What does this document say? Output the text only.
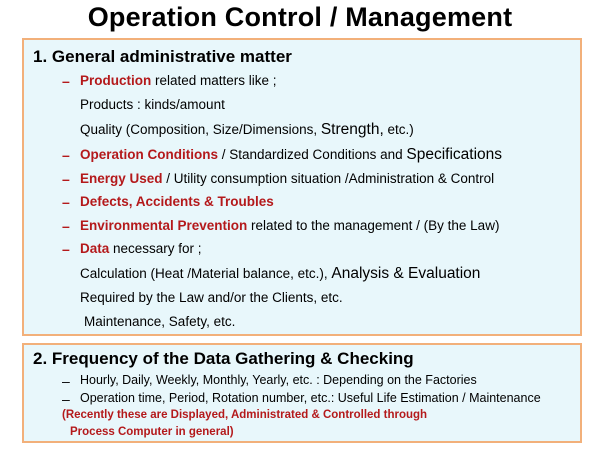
Operation Control / Management
1. General administrative matter
– Production related matters like ;
Products : kinds/amount
Quality (Composition, Size/Dimensions, Strength, etc.)
– Operation Conditions / Standardized Conditions and Specifications
– Energy Used / Utility consumption situation /Administration & Control
– Defects, Accidents & Troubles
– Environmental Prevention related to the management / (By the Law)
– Data necessary for ;
Calculation (Heat /Material balance, etc.), Analysis & Evaluation
Required by the Law and/or the Clients, etc.
Maintenance, Safety, etc.
2. Frequency of the Data Gathering & Checking
– Hourly, Daily, Weekly, Monthly, Yearly, etc. : Depending on the Factories
– Operation time, Period, Rotation number, etc.: Useful Life Estimation / Maintenance
(Recently these are Displayed, Administrated & Controlled through
Process Computer in general)
